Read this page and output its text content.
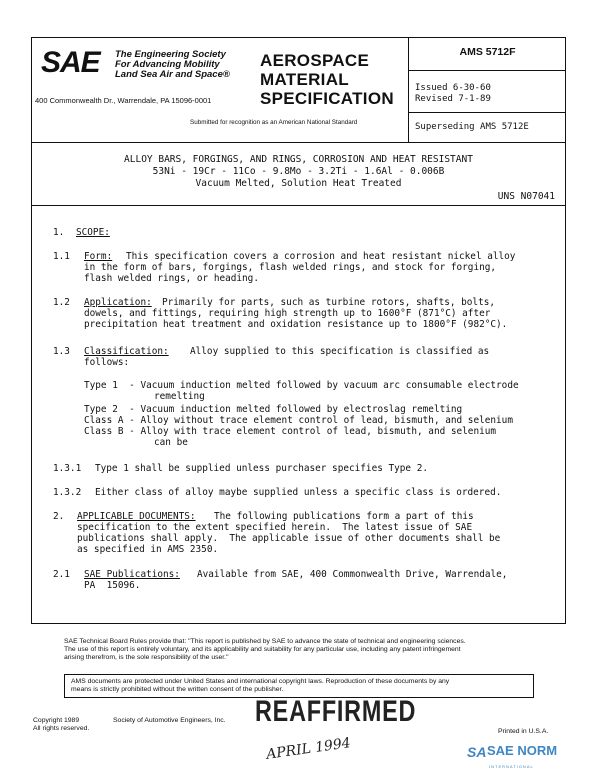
SAE The Engineering Society
For Advancing Mobility
Land Sea Air and Space®
400 Commonwealth Dr., Warrendale, PA 15096-0001
AEROSPACE
MATERIAL
SPECIFICATION
Submitted for recognition as an American National Standard
AMS 5712F
Issued 6-30-60
Revised 7-1-89
Superseding AMS 5712E
ALLOY BARS, FORGINGS, AND RINGS, CORROSION AND HEAT RESISTANT
53Ni - 19Cr - 11Co - 9.8Mo - 3.2Ti - 1.6Al - 0.006B
Vacuum Melted, Solution Heat Treated
UNS N07041
1. SCOPE:
1.1 Form: This specification covers a corrosion and heat resistant nickel alloy
in the form of bars, forgings, flash welded rings, and stock for forging,
flash welded rings, or heading.
1.2 Application: Primarily for parts, such as turbine rotors, shafts, bolts,
dowels, and fittings, requiring high strength up to 1600°F (871°C) after
precipitation heat treatment and oxidation resistance up to 1800°F (982°C).
1.3 Classification: Alloy supplied to this specification is classified as
follows:
Type 1  - Vacuum induction melted followed by vacuum arc consumable electrode
remelting
Type 2  - Vacuum induction melted followed by electroslag remelting
Class A - Alloy without trace element control of lead, bismuth, and selenium
Class B - Alloy with trace element control of lead, bismuth, and selenium
can be
1.3.1 Type 1 shall be supplied unless purchaser specifies Type 2.
1.3.2 Either class of alloy maybe supplied unless a specific class is ordered.
2. APPLICABLE DOCUMENTS: The following publications form a part of this
specification to the extent specified herein.  The latest issue of SAE
publications shall apply.  The applicable issue of other documents shall be
as specified in AMS 2350.
2.1 SAE Publications: Available from SAE, 400 Commonwealth Drive, Warrendale,
PA  15096.
SAE Technical Board Rules provide that: "This report is published by SAE to advance the state of technical and engineering sciences.
The use of this report is entirely voluntary, and its applicability and suitability for any particular use, including any patent infringement
arising therefrom, is the sole responsibility of the user."
AMS documents are protected under United States and international copyright laws. Reproduction of these documents by any
means is strictly prohibited without the written consent of the publisher.
Copyright 1989	Society of Automotive Engineers, Inc.
All rights reserved.	Printed in U.S.A.
REAFFIRMED
APRIL 1994	SA SAE NORM
INTERNATIONAL
